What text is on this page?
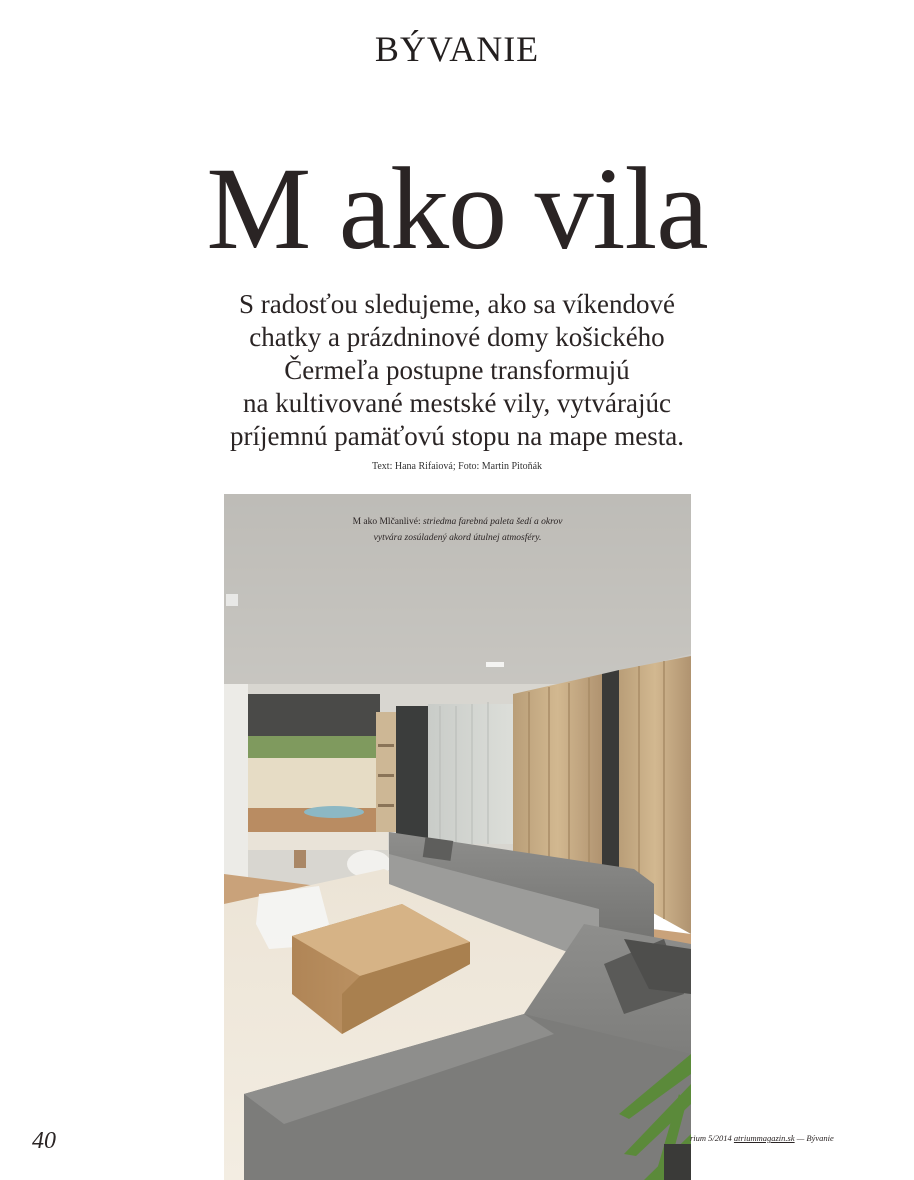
BÝVANIE
M ako vila
S radosťou sledujeme, ako sa víkendové
chatky a prázdninové domy košického
Čermeľa postupne transformujú
na kultivované mestské vily, vytvárajúc
príjemnú pamäťovú stopu na mape mesta.
Text: Hana Rifaiová; Foto: Martin Pitoňák
M ako Mlčanlivé: striedma farebná paleta šedí a okrov vytvára zosúladený akord útulnej atmosféry.
40	rium 5/2014 atriummagazin.sk — Bývanie
